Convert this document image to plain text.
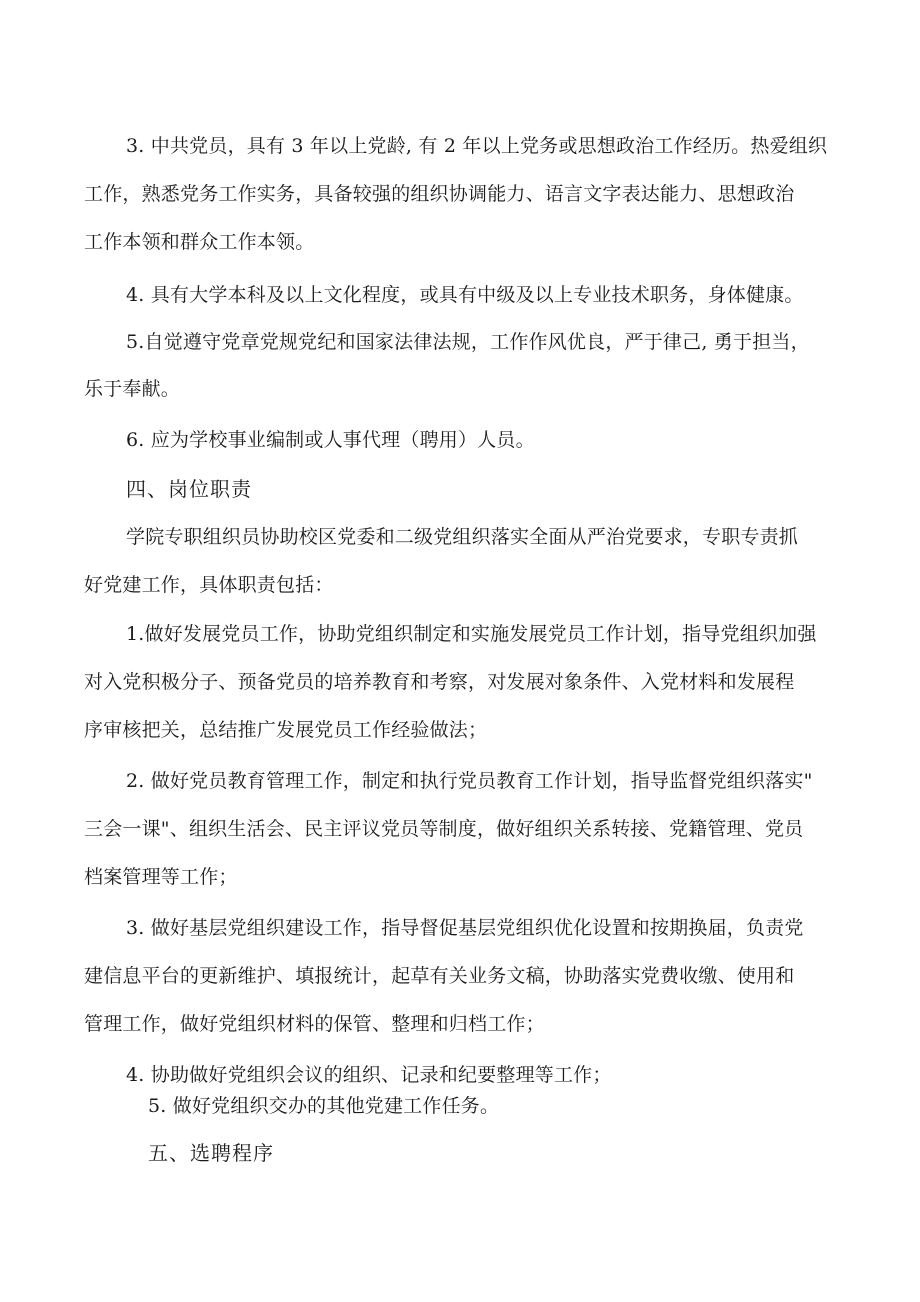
3. 中共党员，具有 3 年以上党龄, 有 2 年以上党务或思想政治工作经历。热爱组织
工作，熟悉党务工作实务，具备较强的组织协调能力、语言文字表达能力、思想政治
工作本领和群众工作本领。
4. 具有大学本科及以上文化程度，或具有中级及以上专业技术职务，身体健康。
5.自觉遵守党章党规党纪和国家法律法规，工作作风优良，严于律己, 勇于担当，
乐于奉献。
6. 应为学校事业编制或人事代理（聘用）人员。
四、岗位职责
学院专职组织员协助校区党委和二级党组织落实全面从严治党要求，专职专责抓
好党建工作，具体职责包括：
1.做好发展党员工作，协助党组织制定和实施发展党员工作计划，指导党组织加强
对入党积极分子、预备党员的培养教育和考察，对发展对象条件、入党材料和发展程
序审核把关，总结推广发展党员工作经验做法；
2. 做好党员教育管理工作，制定和执行党员教育工作计划，指导监督党组织落实"
三会一课"、组织生活会、民主评议党员等制度，做好组织关系转接、党籍管理、党员
档案管理等工作；
3. 做好基层党组织建设工作，指导督促基层党组织优化设置和按期换届，负责党
建信息平台的更新维护、填报统计，起草有关业务文稿，协助落实党费收缴、使用和
管理工作，做好党组织材料的保管、整理和归档工作；
4. 协助做好党组织会议的组织、记录和纪要整理等工作；
5. 做好党组织交办的其他党建工作任务。
五、选聘程序
